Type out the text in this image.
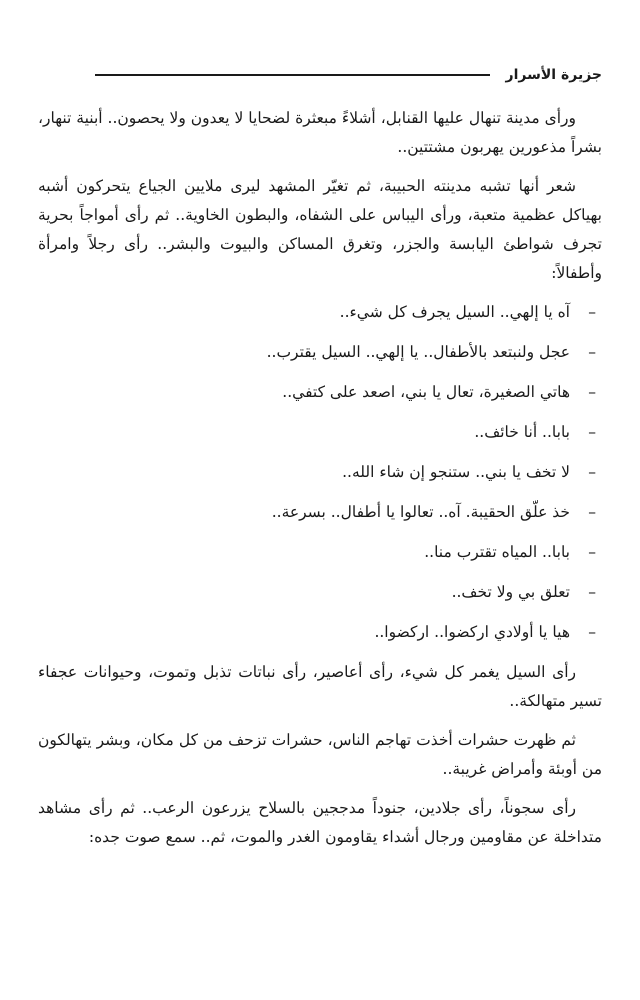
جزيرة الأسرار

ورأى مدينة تنهال عليها القنابل، أشلاءً مبعثرة لضحايا لا يعدون ولا يحصون.. أبنية تنهار، بشراً مذعورين يهربون مشتتين..

شعر أنها تشبه مدينته الحبيبة، ثم تغيّر المشهد ليرى ملايين الجياع يتحركون أشبه بهياكل عظمية متعبة، ورأى اليباس على الشفاه، والبطون الخاوية.. ثم رأى أمواجاً بحرية تجرف شواطئ اليابسة والجزر، وتغرق المساكن والبيوت والبشر.. رأى رجلاً وامرأة وأطفالاً:

–
آه يا إلهي.. السيل يجرف كل شيء..
–
عجل ولنبتعد بالأطفال.. يا إلهي.. السيل يقترب..
–
هاتي الصغيرة، تعال يا بني، اصعد على كتفي..
–
بابا.. أنا خائف..
–
لا تخف يا بني.. ستنجو إن شاء الله..
–
خذ علّق الحقيبة. آه.. تعالوا يا أطفال.. بسرعة..
–
بابا.. المياه تقترب منا..
–
تعلق بي ولا تخف..
–
هيا يا أولادي اركضوا.. اركضوا..

رأى السيل يغمر كل شيء، رأى أعاصير، رأى نباتات تذبل وتموت، وحيوانات عجفاء تسير متهالكة..

ثم ظهرت حشرات أخذت تهاجم الناس، حشرات تزحف من كل مكان، وبشر يتهالكون من أوبئة وأمراض غريبة..

رأى سجوناً، رأى جلادين، جنوداً مدججين بالسلاح يزرعون الرعب.. ثم رأى مشاهد متداخلة عن مقاومين ورجال أشداء يقاومون الغدر والموت، ثم.. سمع صوت جده:
